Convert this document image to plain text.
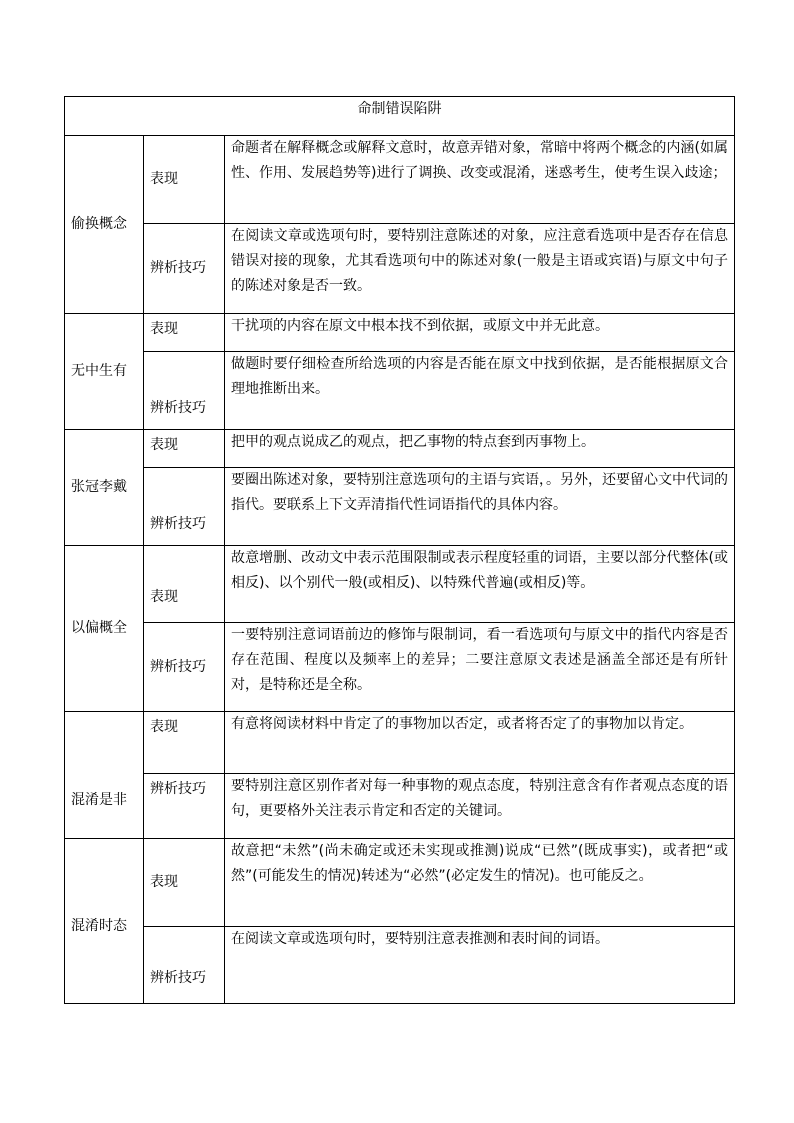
命制错误陷阱		
偷换概念	表现	命题者在解释概念或解释文意时，故意弄错对象，常暗中将两个概念的内涵(如属性、作用、发展趋势等)进行了调换、改变或混淆，迷惑考生，使考生误入歧途；
	辨析技巧	在阅读文章或选项句时，要特别注意陈述的对象，应注意看选项中是否存在信息错误对接的现象，尤其看选项句中的陈述对象(一般是主语或宾语)与原文中句子的陈述对象是否一致。
无中生有	表现	干扰项的内容在原文中根本找不到依据，或原文中并无此意。
	辨析技巧	做题时要仔细检查所给选项的内容是否能在原文中找到依据，是否能根据原文合理地推断出来。
张冠李戴	表现	把甲的观点说成乙的观点，把乙事物的特点套到丙事物上。
	辨析技巧	要圈出陈述对象，要特别注意选项句的主语与宾语，。另外，还要留心文中代词的指代。要联系上下文弄清指代性词语指代的具体内容。
以偏概全	表现	故意增删、改动文中表示范围限制或表示程度轻重的词语，主要以部分代整体(或相反)、以个别代一般(或相反)、以特殊代普遍(或相反)等。
	辨析技巧	一要特别注意词语前边的修饰与限制词，看一看选项句与原文中的指代内容是否存在范围、程度以及频率上的差异；二要注意原文表述是涵盖全部还是有所针对，是特称还是全称。
混淆是非	表现	有意将阅读材料中肯定了的事物加以否定，或者将否定了的事物加以肯定。
	辨析技巧	要特别注意区别作者对每一种事物的观点态度，特别注意含有作者观点态度的语句，更要格外关注表示肯定和否定的关键词。
混淆时态	表现	故意把“未然”(尚未确定或还未实现或推测)说成“已然”(既成事实)，或者把“或然”(可能发生的情况)转述为“必然”(必定发生的情况)。也可能反之。
	辨析技巧	在阅读文章或选项句时，要特别注意表推测和表时间的词语。
